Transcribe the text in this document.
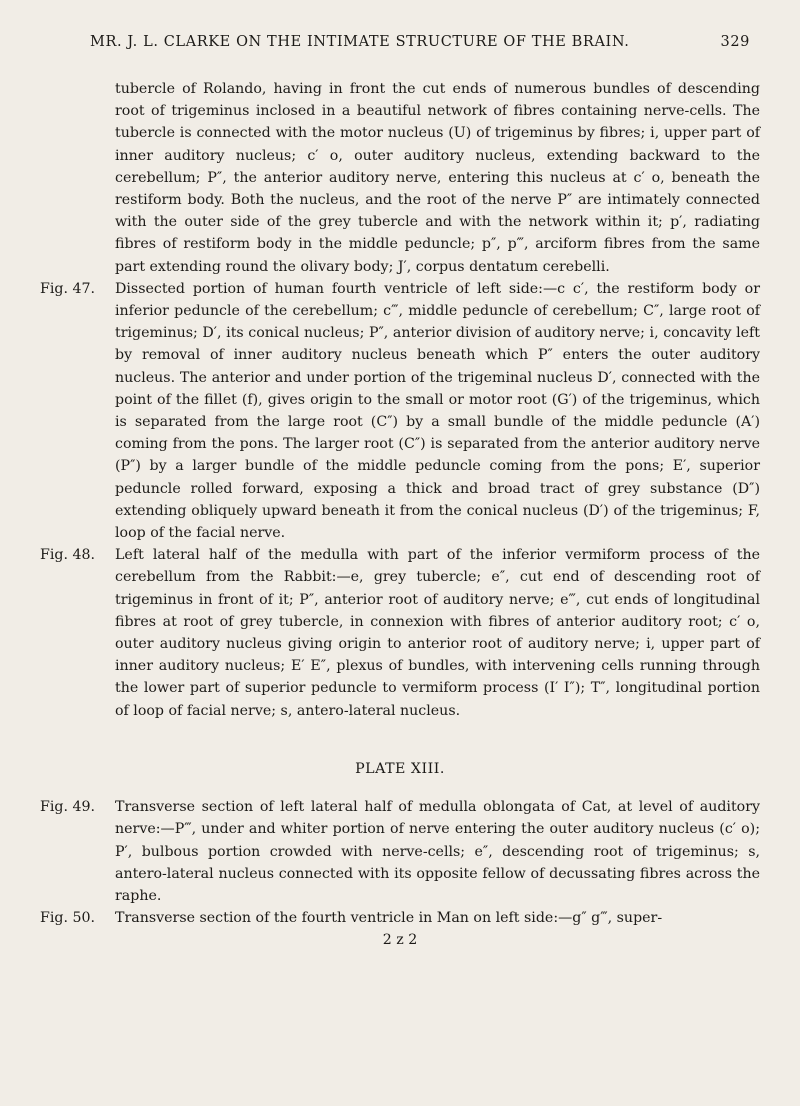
MR. J. L. CLARKE ON THE INTIMATE STRUCTURE OF THE BRAIN.	329

tubercle of Rolando, having in front the cut ends of numerous bundles of descending root of trigeminus inclosed in a beautiful network of fibres containing nerve-cells. The tubercle is connected with the motor nucleus (U) of trigeminus by fibres; i, upper part of inner auditory nucleus; c′ o, outer auditory nucleus, extending backward to the cerebellum; P″, the anterior auditory nerve, entering this nucleus at c′ o, beneath the restiform body. Both the nucleus, and the root of the nerve P″ are intimately connected with the outer side of the grey tubercle and with the network within it; p′, radiating fibres of restiform body in the middle peduncle; p″, p‴, arciform fibres from the same part extending round the olivary body; J′, corpus dentatum cerebelli.

Fig. 47.	Dissected portion of human fourth ventricle of left side:—c c′, the restiform body or inferior peduncle of the cerebellum; c‴, middle peduncle of cerebellum; C″, large root of trigeminus; D′, its conical nucleus; P″, anterior division of auditory nerve; i, concavity left by removal of inner auditory nucleus beneath which P″ enters the outer auditory nucleus. The anterior and under portion of the trigeminal nucleus D′, connected with the point of the fillet (f), gives origin to the small or motor root (G′) of the trigeminus, which is separated from the large root (C″) by a small bundle of the middle peduncle (A′) coming from the pons. The larger root (C″) is separated from the anterior auditory nerve (P″) by a larger bundle of the middle peduncle coming from the pons; E′, superior peduncle rolled forward, exposing a thick and broad tract of grey substance (D″) extending obliquely upward beneath it from the conical nucleus (D′) of the trigeminus; F, loop of the facial nerve.
Fig. 48.	Left lateral half of the medulla with part of the inferior vermiform process of the cerebellum from the Rabbit:—e, grey tubercle; e″, cut end of descending root of trigeminus in front of it; P″, anterior root of auditory nerve; e‴, cut ends of longitudinal fibres at root of grey tubercle, in connexion with fibres of anterior auditory root; c′ o, outer auditory nucleus giving origin to anterior root of auditory nerve; i, upper part of inner auditory nucleus; E′ E″, plexus of bundles, with intervening cells running through the lower part of superior peduncle to vermiform process (I′ I″); T″, longitudinal portion of loop of facial nerve; s, antero-lateral nucleus.
PLATE XIII.
Fig. 49.	Transverse section of left lateral half of medulla oblongata of Cat, at level of auditory nerve:—P‴, under and whiter portion of nerve entering the outer auditory nucleus (c′ o); P′, bulbous portion crowded with nerve-cells; e″, descending root of trigeminus; s, antero-lateral nucleus connected with its opposite fellow of decussating fibres across the raphe.
Fig. 50.	Transverse section of the fourth ventricle in Man on left side:—g″ g‴, super-
2 z 2
